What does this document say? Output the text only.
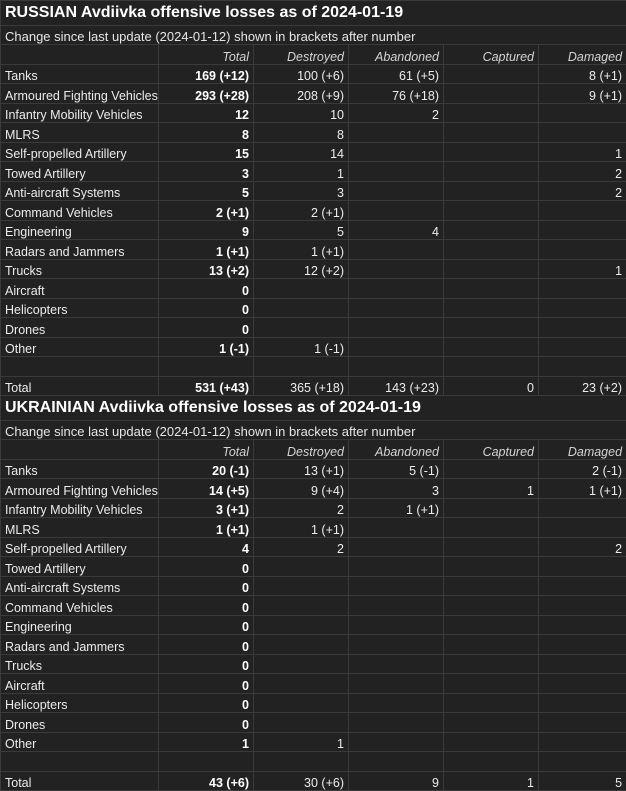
RUSSIAN Avdiivka offensive losses as of 2024-01-19					
Change since last update (2024-01-12) shown in brackets after number					
	Total	Destroyed	Abandoned	Captured	Damaged
Tanks	169 (+12)	100 (+6)	61 (+5)		8 (+1)
Armoured Fighting Vehicles	293 (+28)	208 (+9)	76 (+18)		9 (+1)
Infantry Mobility Vehicles	12	10	2		
MLRS	8	8			
Self-propelled Artillery	15	14			1
Towed Artillery	3	1			2
Anti-aircraft Systems	5	3			2
Command Vehicles	2 (+1)	2 (+1)			
Engineering	9	5	4		
Radars and Jammers	1 (+1)	1 (+1)			
Trucks	13 (+2)	12 (+2)			1
Aircraft	0				
Helicopters	0				
Drones	0				
Other	1 (-1)	1 (-1)			

Total	531 (+43)	365 (+18)	143 (+23)	0	23 (+2)
UKRAINIAN Avdiivka offensive losses as of 2024-01-19					
Change since last update (2024-01-12) shown in brackets after number					
	Total	Destroyed	Abandoned	Captured	Damaged
Tanks	20 (-1)	13 (+1)	5 (-1)		2 (-1)
Armoured Fighting Vehicles	14 (+5)	9 (+4)	3	1	1 (+1)
Infantry Mobility Vehicles	3 (+1)	2	1 (+1)		
MLRS	1 (+1)	1 (+1)			
Self-propelled Artillery	4	2			2
Towed Artillery	0				
Anti-aircraft Systems	0				
Command Vehicles	0				
Engineering	0				
Radars and Jammers	0				
Trucks	0				
Aircraft	0				
Helicopters	0				
Drones	0				
Other	1	1			

Total	43 (+6)	30 (+6)	9	1	5
